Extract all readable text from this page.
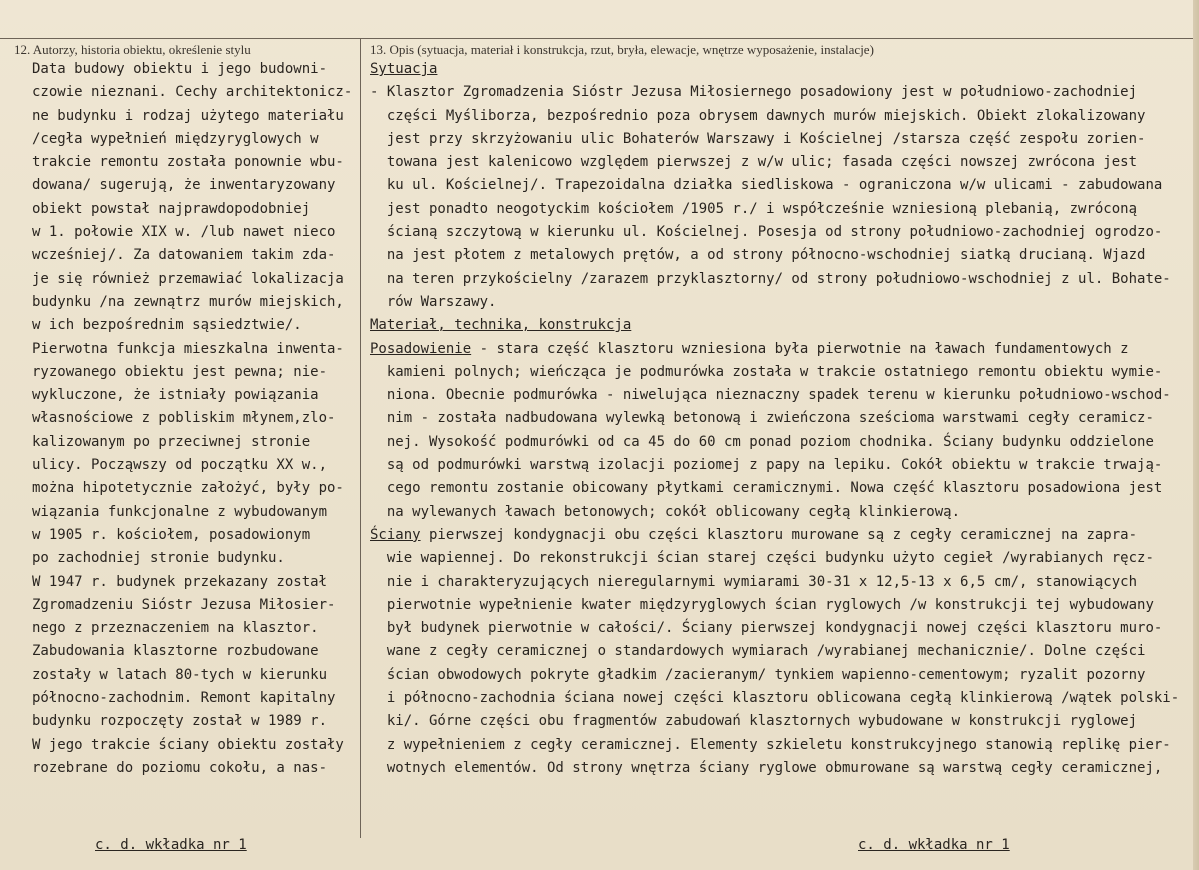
12. Autorzy, historia obiektu, określenie stylu	13. Opis (sytuacja, materiał i konstrukcja, rzut, bryła, elewacje, wnętrze wyposażenie, instalacje)
Data budowy obiektu i jego budowni-
czowie nieznani. Cechy architektonicz-
ne budynku i rodzaj użytego materiału
/cegła wypełnień międzyryglowych w
trakcie remontu została ponownie wbu-
dowana/ sugerują, że inwentaryzowany
obiekt powstał najprawdopodobniej
w 1. połowie XIX w. /lub nawet nieco
wcześniej/. Za datowaniem takim zda-
je się również przemawiać lokalizacja
budynku /na zewnątrz murów miejskich,
w ich bezpośrednim sąsiedztwie/.
Pierwotna funkcja mieszkalna inwenta-
ryzowanego obiektu jest pewna; nie-
wykluczone, że istniały powiązania
własnościowe z pobliskim młynem,zlo-
kalizowanym po przeciwnej stronie
ulicy. Począwszy od początku XX w.,
można hipotetycznie założyć, były po-
wiązania funkcjonalne z wybudowanym
w 1905 r. kościołem, posadowionym
po zachodniej stronie budynku.
W 1947 r. budynek przekazany został
Zgromadzeniu Sióstr Jezusa Miłosier-
nego z przeznaczeniem na klasztor.
Zabudowania klasztorne rozbudowane
zostały w latach 80-tych w kierunku
północno-zachodnim. Remont kapitalny
budynku rozpoczęty został w 1989 r.
W jego trakcie ściany obiektu zostały
rozebrane do poziomu cokołu, a nas-
Sytuacja
- Klasztor Zgromadzenia Sióstr Jezusa Miłosiernego posadowiony jest w południowo-zachodniej
części Myśliborza, bezpośrednio poza obrysem dawnych murów miejskich. Obiekt zlokalizowany
jest przy skrzyżowaniu ulic Bohaterów Warszawy i Kościelnej /starsza część zespołu zorien-
towana jest kalenicowo względem pierwszej z w/w ulic; fasada części nowszej zwrócona jest
ku ul. Kościelnej/. Trapezoidalna działka siedliskowa - ograniczona w/w ulicami - zabudowana
jest ponadto neogotyckim kościołem /1905 r./ i współcześnie wzniesioną plebanią, zwróconą
ścianą szczytową w kierunku ul. Kościelnej. Posesja od strony południowo-zachodniej ogrodzo-
na jest płotem z metalowych prętów, a od strony północno-wschodniej siatką drucianą. Wjazd
na teren przykościelny /zarazem przyklasztorny/ od strony południowo-wschodniej z ul. Bohate-
rów Warszawy.
Materiał, technika, konstrukcja
Posadowienie - stara część klasztoru wzniesiona była pierwotnie na ławach fundamentowych z
kamieni polnych; wieńcząca je podmurówka została w trakcie ostatniego remontu obiektu wymie-
niona. Obecnie podmurówka - niwelująca nieznaczny spadek terenu w kierunku południowo-wschod-
nim - została nadbudowana wylewką betonową i zwieńczona sześcioma warstwami cegły ceramicz-
nej. Wysokość podmurówki od ca 45 do 60 cm ponad poziom chodnika. Ściany budynku oddzielone
są od podmurówki warstwą izolacji poziomej z papy na lepiku. Cokół obiektu w trakcie trwają-
cego remontu zostanie obicowany płytkami ceramicznymi. Nowa część klasztoru posadowiona jest
na wylewanych ławach betonowych; cokół oblicowany cegłą klinkierową.
Ściany pierwszej kondygnacji obu części klasztoru murowane są z cegły ceramicznej na zapra-
wie wapiennej. Do rekonstrukcji ścian starej części budynku użyto cegieł /wyrabianych ręcz-
nie i charakteryzujących nieregularnymi wymiarami 30-31 x 12,5-13 x 6,5 cm/, stanowiących
pierwotnie wypełnienie kwater międzyryglowych ścian ryglowych /w konstrukcji tej wybudowany
był budynek pierwotnie w całości/. Ściany pierwszej kondygnacji nowej części klasztoru muro-
wane z cegły ceramicznej o standardowych wymiarach /wyrabianej mechanicznie/. Dolne części
ścian obwodowych pokryte gładkim /zacieranym/ tynkiem wapienno-cementowym; ryzalit pozorny
i północno-zachodnia ściana nowej części klasztoru oblicowana cegłą klinkierową /wątek polski-
ki/. Górne części obu fragmentów zabudowań klasztornych wybudowane w konstrukcji ryglowej
z wypełnieniem z cegły ceramicznej. Elementy szkieletu konstrukcyjnego stanowią replikę pier-
wotnych elementów. Od strony wnętrza ściany ryglowe obmurowane są warstwą cegły ceramicznej,
c. d. wkładka nr 1	c. d. wkładka nr 1
